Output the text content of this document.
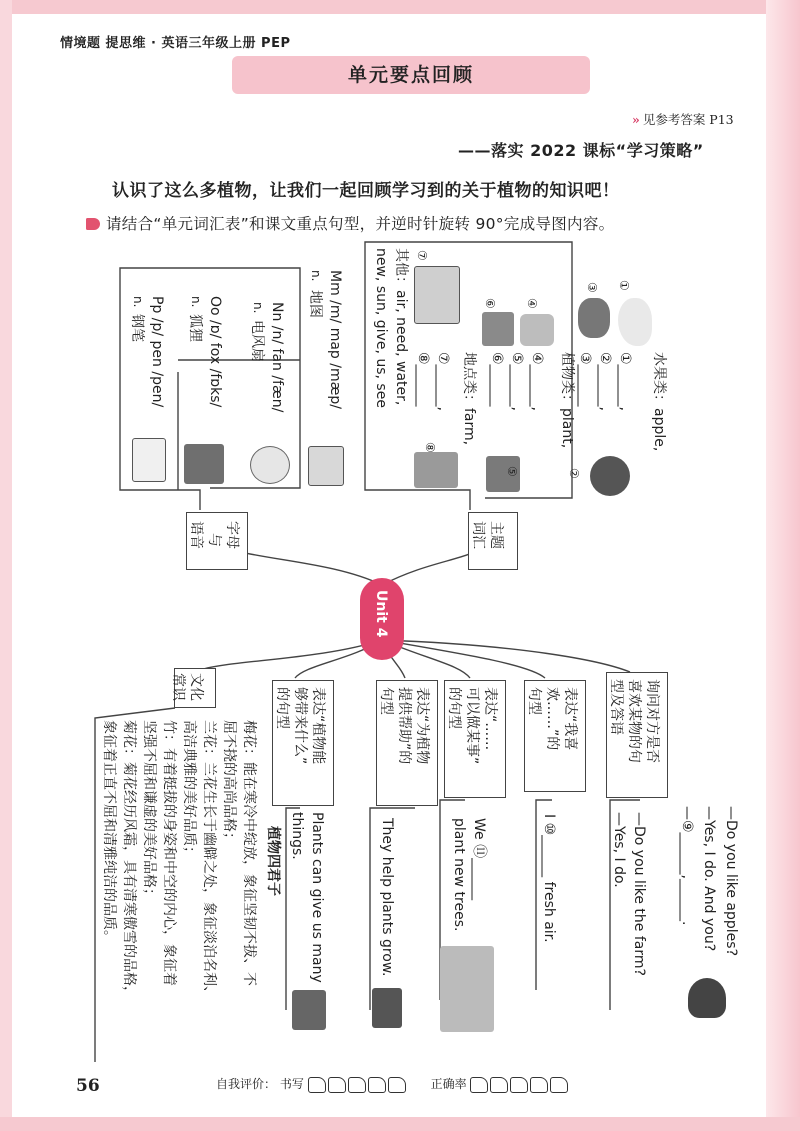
情境题 提思维 · 英语三年级上册 PEP
单元要点回顾
» 见参考答案 P13
——落实 2022 课标“学习策略”
认识了这么多植物，让我们一起回顾学习到的关于植物的知识吧！
请结合“单元词汇表”和课文重点句型，并逆时针旋转 90°完成导图内容。
Unit 4
主题
词汇
字母
与
语音
水果类：apple,
①______,
②______,
③______
植物类：plant,
④______,
⑤______,
⑥______
地点类：farm,
⑦______,
⑧______
其他：air, need, water,
new, sun, give, us, see	①
③
②
④
⑥
⑤
⑦
⑧
Mm /m/ map /mæp/
n.
地图
Nn /n/ fan /fæn/
n.
电风扇
Oo /ɒ/ fox /fɒks/
n.
狐狸
Pp /p/ pen /pen/
n.
钢笔
文化
常识	表达“植物能
够带来什么”
的句型	表达“为植物
提供帮助”的
句型	表达“……
可以做某事”
的句型	表达“我喜
欢……”的
句型	询问对方是否
喜欢某物的句
型及答语
—Do you like apples?
—Yes, I do. And you?
—⑨______,______.
—Do you like the farm?
—Yes, I do.
I ⑩______ fresh air.
We ⑪______
plant new trees.
They help plants grow.
Plants can give us many
things.
植物四君子
梅花：能在寒冷中绽放，象征坚韧不拔、不
屈不挠的高尚品格；
兰花：兰花生长于幽僻之处，象征淡泊名利、
高洁典雅的美好品质；
竹：有着挺拔的身姿和中空的内心，象征着
坚强不屈和谦虚的美好品格；
菊花：菊花经历风霜，具有清寒傲雪的品格，
象征着正直不屈和清雅纯洁的品质。
56	自我评价： 书写	正确率
